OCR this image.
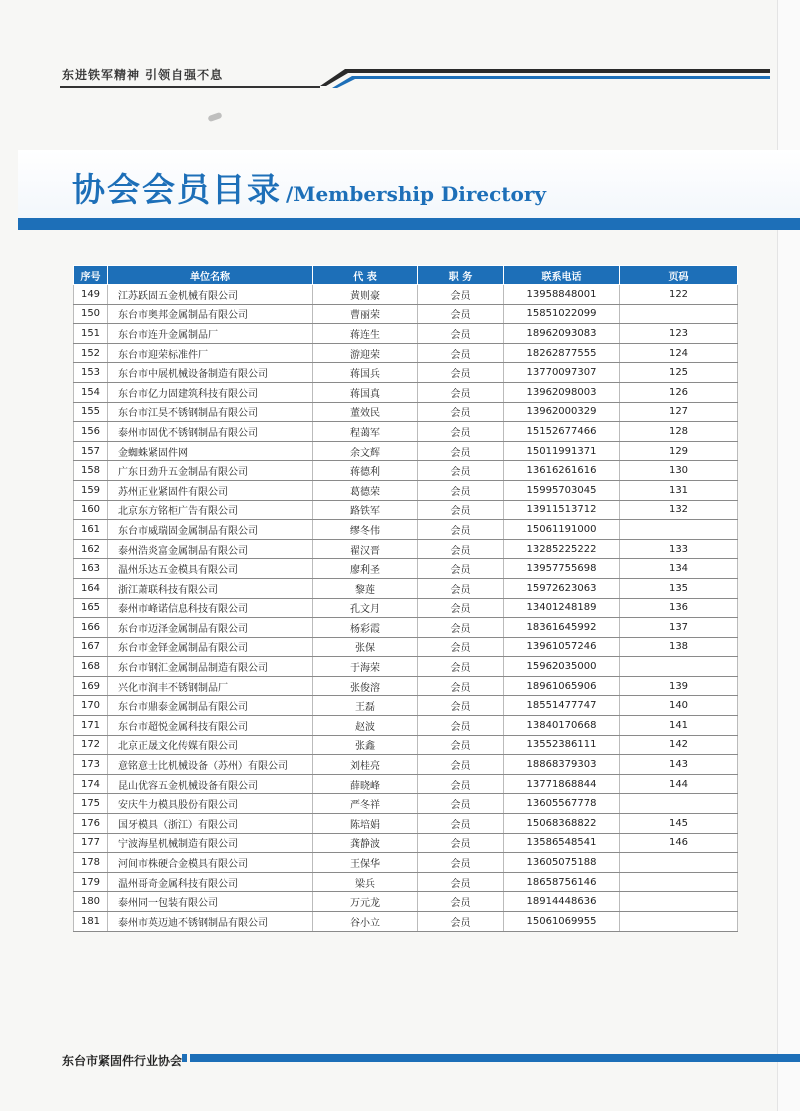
东进铁军精神 引领自强不息
协会会员目录 /Membership Directory
序号	单位名称	代 表	职 务	联系电话	页码
149	江苏跃固五金机械有限公司	黄则豪	会员	13958848001	122
150	东台市奥邦金属制品有限公司	曹丽荣	会员	15851022099	
151	东台市连升金属制品厂	蒋连生	会员	18962093083	123
152	东台市迎荣标准件厂	游迎荣	会员	18262877555	124
153	东台市中展机械设备制造有限公司	蒋国兵	会员	13770097307	125
154	东台市亿力固建筑科技有限公司	蒋国真	会员	13962098003	126
155	东台市江昊不锈钢制品有限公司	董效民	会员	13962000329	127
156	泰州市固优不锈钢制品有限公司	程蔼军	会员	15152677466	128
157	金蜘蛛紧固件网	余文辉	会员	15011991371	129
158	广东日劲升五金制品有限公司	蒋德利	会员	13616261616	130
159	苏州正业紧固件有限公司	葛德荣	会员	15995703045	131
160	北京东方铭柜广告有限公司	路铁军	会员	13911513712	132
161	东台市威瑞固金属制品有限公司	缪冬伟	会员	15061191000	
162	泰州浩炎富金属制品有限公司	翟汉晋	会员	13285225222	133
163	温州乐达五金模具有限公司	廖利圣	会员	13957755698	134
164	浙江萧联科技有限公司	黎莲	会员	15972623063	135
165	泰州市峰诺信息科技有限公司	孔文月	会员	13401248189	136
166	东台市迈泽金属制品有限公司	杨彩霞	会员	18361645992	137
167	东台市金铎金属制品有限公司	张保	会员	13961057246	138
168	东台市钢汇金属制品制造有限公司	于海荣	会员	15962035000	
169	兴化市润丰不锈钢制品厂	张俊溶	会员	18961065906	139
170	东台市鼎泰金属制品有限公司	王磊	会员	18551477747	140
171	东台市超悦金属科技有限公司	赵波	会员	13840170668	141
172	北京正晟文化传媒有限公司	张鑫	会员	13552386111	142
173	意铭意士比机械设备（苏州）有限公司	刘桂亮	会员	18868379303	143
174	昆山优容五金机械设备有限公司	薛晓峰	会员	13771868844	144
175	安庆牛力模具股份有限公司	严冬祥	会员	13605567778	
176	国牙模具（浙江）有限公司	陈培娟	会员	15068368822	145
177	宁波海星机械制造有限公司	龚静波	会员	13586548541	146
178	河间市株硬合金模具有限公司	王保华	会员	13605075188	
179	温州哥奇金属科技有限公司	梁兵	会员	18658756146	
180	泰州同一包装有限公司	万元龙	会员	18914448636	
181	泰州市英迈迪不锈钢制品有限公司	谷小立	会员	15061069955	
东台市紧固件行业协会
